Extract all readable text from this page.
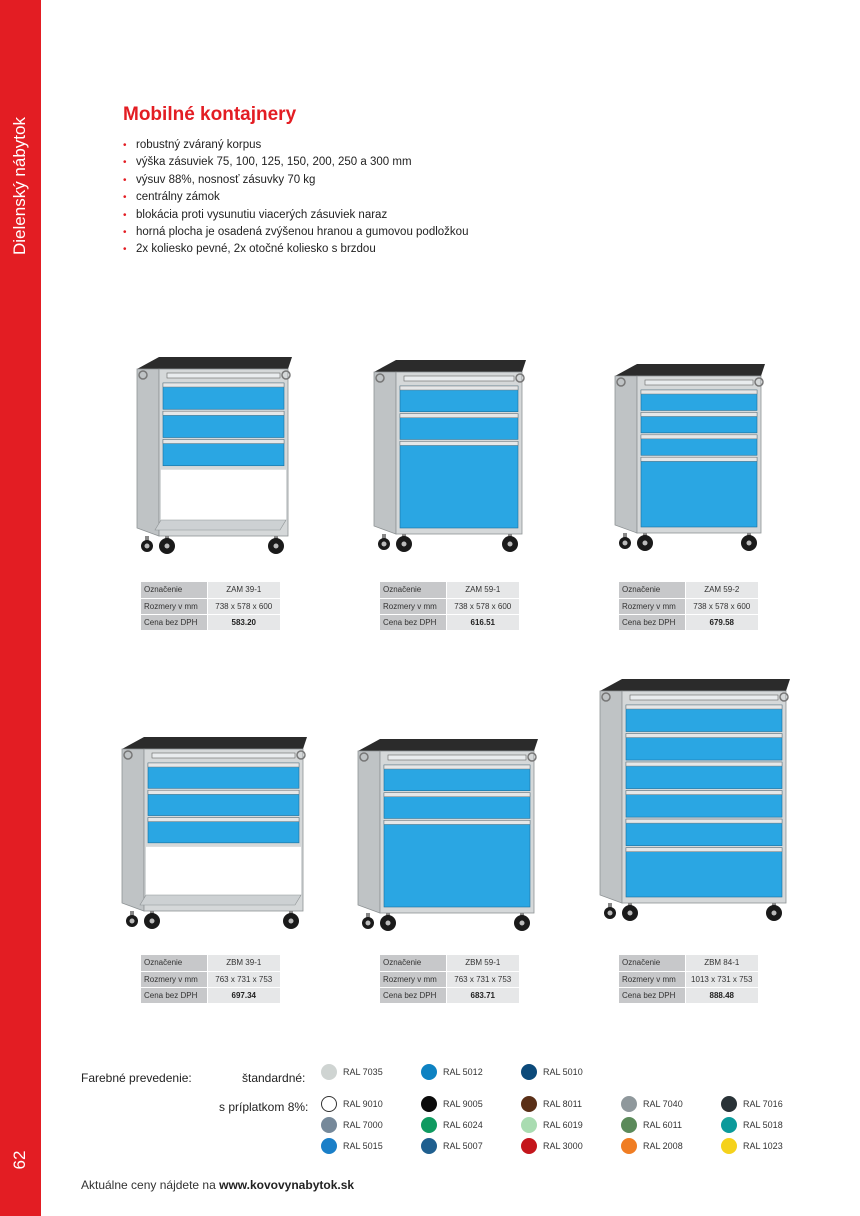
Dielenský nábytok
62
Mobilné kontajnery
• robustný zváraný korpus
• výška zásuviek 75, 100, 125, 150, 200, 250 a 300 mm
• výsuv 88%, nosnosť zásuvky 70 kg
• centrálny zámok
• blokácia proti vysunutiu viacerých zásuviek naraz
• horná plocha je osadená zvýšenou hranou a gumovou podložkou
• 2x koliesko pevné, 2x otočné koliesko s brzdou
Označenie	ZAM 39-1
Rozmery v mm	738 x 578 x 600
Cena bez DPH	583.20
Označenie	ZAM 59-1
Rozmery v mm	738 x 578 x 600
Cena bez DPH	616.51
Označenie	ZAM 59-2
Rozmery v mm	738 x 578 x 600
Cena bez DPH	679.58
Označenie	ZBM 39-1
Rozmery v mm	763 x 731 x 753
Cena bez DPH	697.34
Označenie	ZBM 59-1
Rozmery v mm	763 x 731 x 753
Cena bez DPH	683.71
Označenie	ZBM 84-1
Rozmery v mm	1013 x 731 x 753
Cena bez DPH	888.48
Farebné prevedenie:	štandardné:
s príplatkom 8%:
RAL 7035	RAL 5012	RAL 5010
RAL 9010	RAL 9005	RAL 8011	RAL 7040	RAL 7016
RAL 7000	RAL 6024	RAL 6019	RAL 6011	RAL 5018
RAL 5015	RAL 5007	RAL 3000	RAL 2008	RAL 1023
Aktuálne ceny nájdete na www.kovovynabytok.sk
